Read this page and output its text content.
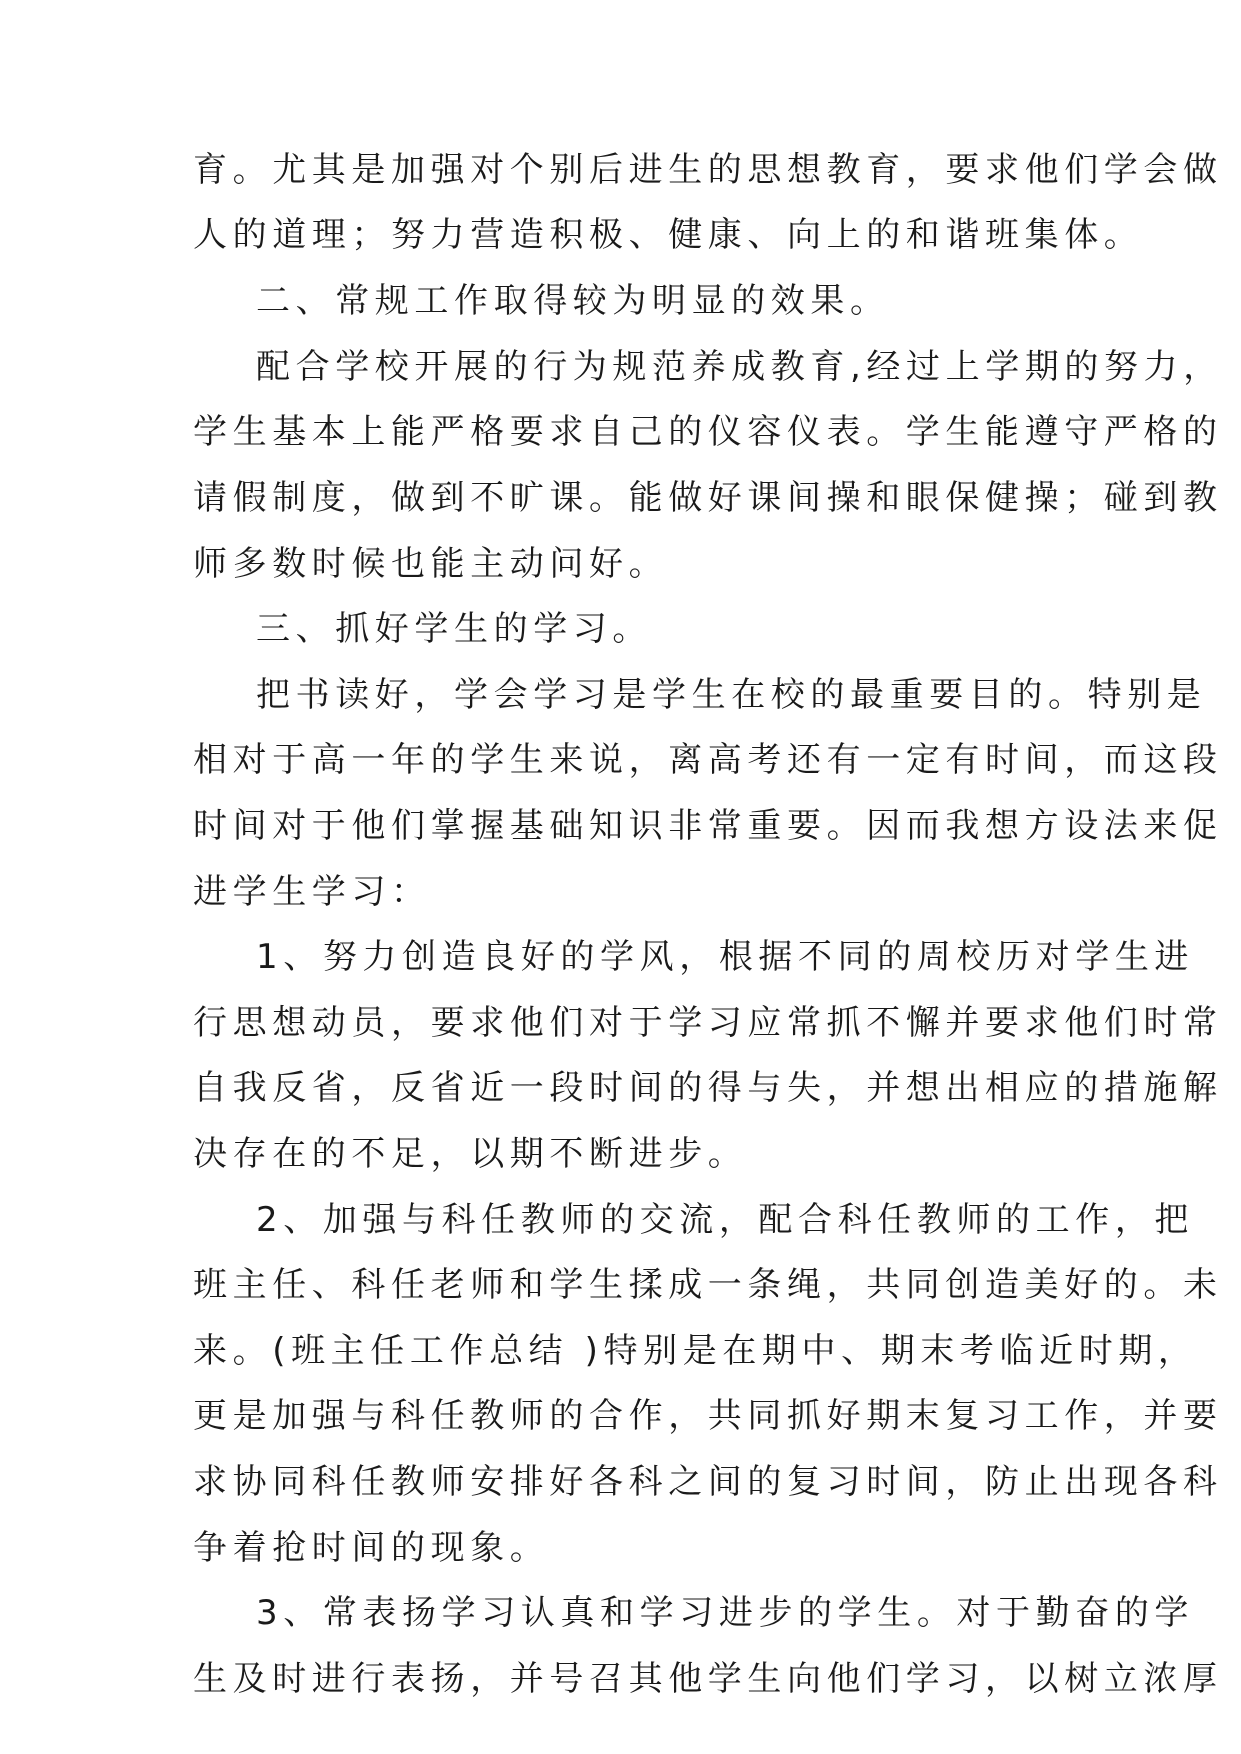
育。尤其是加强对个别后进生的思想教育，要求他们学会做
人的道理；努力营造积极、健康、向上的和谐班集体。
二、常规工作取得较为明显的效果。
配合学校开展的行为规范养成教育,经过上学期的努力，
学生基本上能严格要求自己的仪容仪表。学生能遵守严格的
请假制度，做到不旷课。能做好课间操和眼保健操；碰到教
师多数时候也能主动问好。
三、抓好学生的学习。
把书读好，学会学习是学生在校的最重要目的。特别是
相对于高一年的学生来说，离高考还有一定有时间，而这段
时间对于他们掌握基础知识非常重要。因而我想方设法来促
进学生学习：
1、努力创造良好的学风，根据不同的周校历对学生进
行思想动员，要求他们对于学习应常抓不懈并要求他们时常
自我反省，反省近一段时间的得与失，并想出相应的措施解
决存在的不足，以期不断进步。
2、加强与科任教师的交流，配合科任教师的工作，把
班主任、科任老师和学生揉成一条绳，共同创造美好的。未
来。(班主任工作总结 )特别是在期中、期末考临近时期，
更是加强与科任教师的合作，共同抓好期末复习工作，并要
求协同科任教师安排好各科之间的复习时间，防止出现各科
争着抢时间的现象。
3、常表扬学习认真和学习进步的学生。对于勤奋的学
生及时进行表扬，并号召其他学生向他们学习，以树立浓厚
